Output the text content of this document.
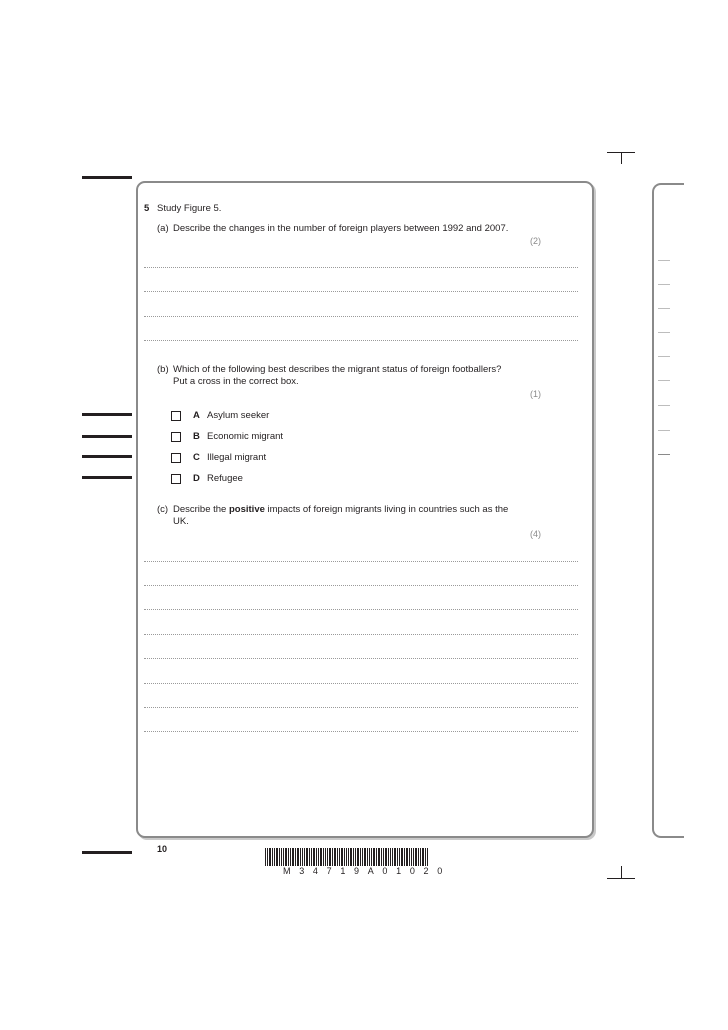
5 Study Figure 5.
(a) Describe the changes in the number of foreign players between 1992 and 2007.
(2)
(b) Which of the following best describes the migrant status of foreign footballers?
Put a cross in the correct box.
(1)
A Asylum seeker
B Economic migrant
C Illegal migrant
D Refugee
(c) Describe the positive impacts of foreign migrants living in countries such as the
UK.
(4)
10
M34719A01020
